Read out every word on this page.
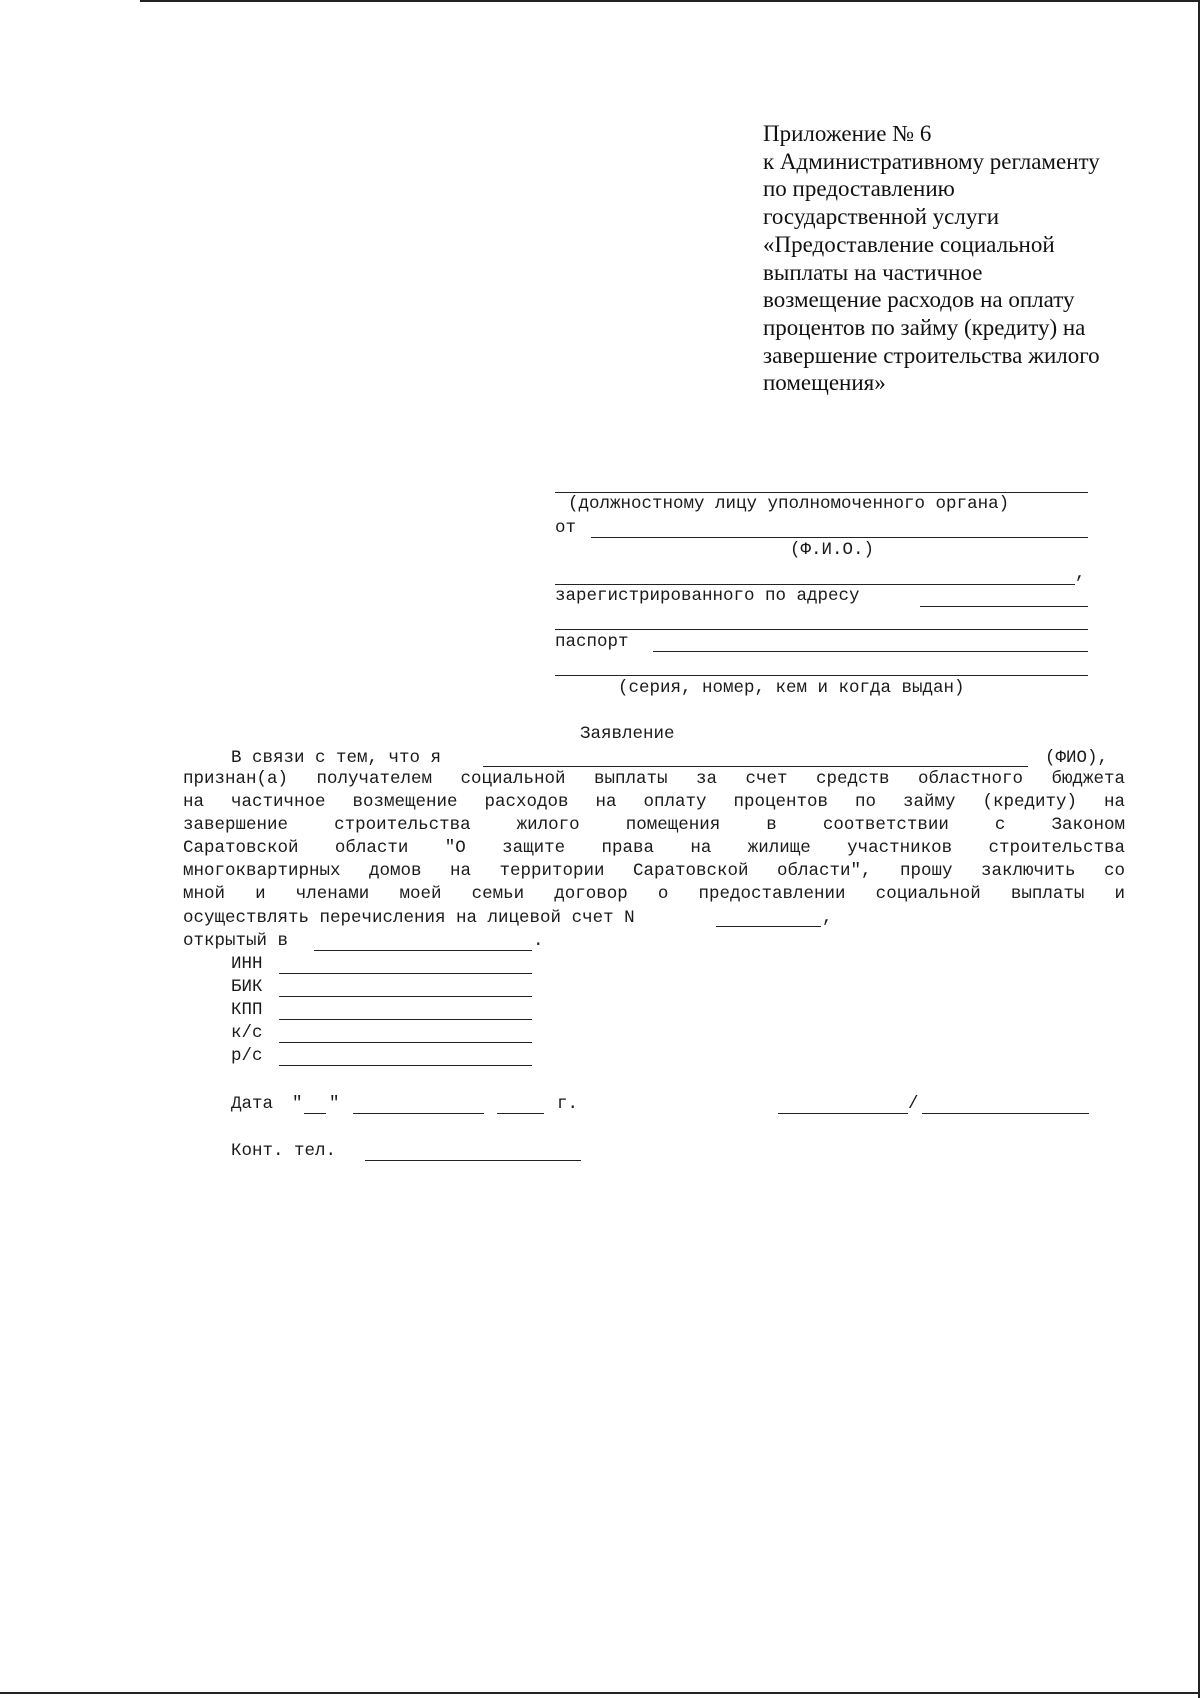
Приложение № 6
к Административному регламенту
по предоставлению
государственной услуги
«Предоставление социальной
выплаты на частичное
возмещение расходов на оплату
процентов по займу (кредиту) на
завершение строительства жилого
помещения»
(должностному лицу уполномоченного органа)
от
(Ф.И.О.)
,
зарегистрированного по адресу
паспорт
(серия, номер, кем и когда выдан)
Заявление
В связи с тем, что я	(ФИО),
признан(а) получателем социальной выплаты за счет средств областного бюджета
на частичное возмещение расходов на оплату процентов по займу (кредиту) на
завершение строительства жилого помещения в соответствии с Законом
Саратовской области "О защите права на жилище участников строительства
многоквартирных домов на территории Саратовской области", прошу заключить со
мной и членами моей семьи договор о предоставлении социальной выплаты и
осуществлять перечисления на лицевой счет N	,
открытый в	.
ИНН
БИК
КПП
к/с
р/с
Дата " "	г.	/
Конт. тел.
